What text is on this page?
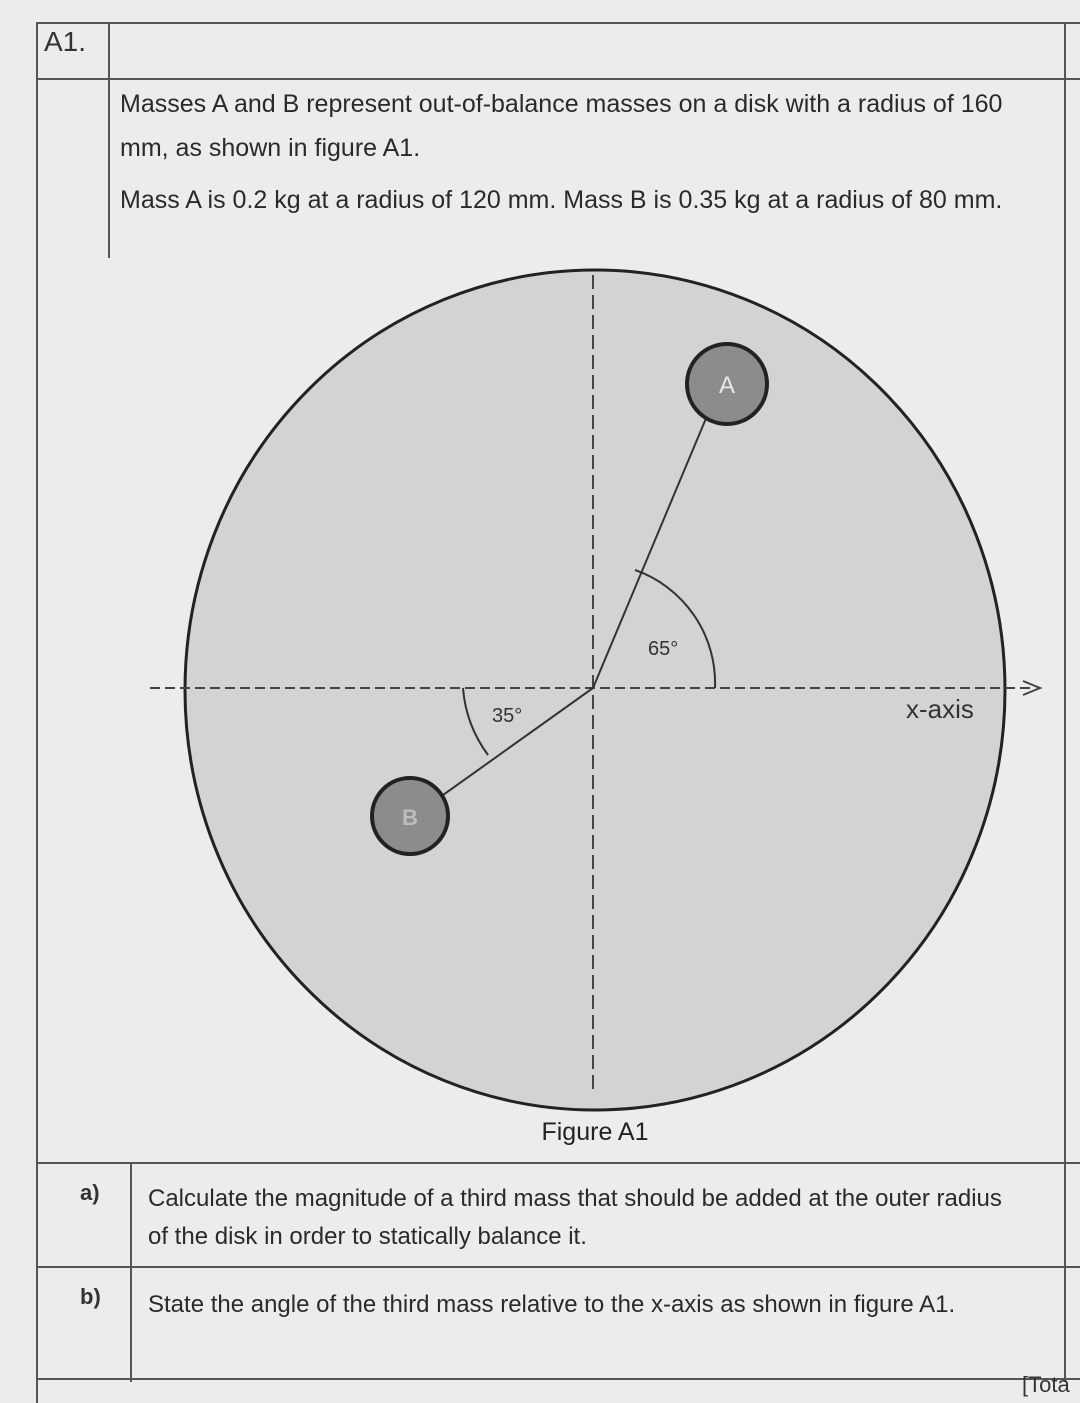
A1.
Masses A and B represent out-of-balance masses on a disk with a radius of 160 mm, as shown in figure A1.
Mass A is 0.2 kg at a radius of 120 mm. Mass B is 0.35 kg at a radius of 80 mm.
65°
35°	x-axis
A
B
Figure A1
a) Calculate the magnitude of a third mass that should be added at the outer radius of the disk in order to statically balance it.
b) State the angle of the third mass relative to the x-axis as shown in figure A1.
[Tota
